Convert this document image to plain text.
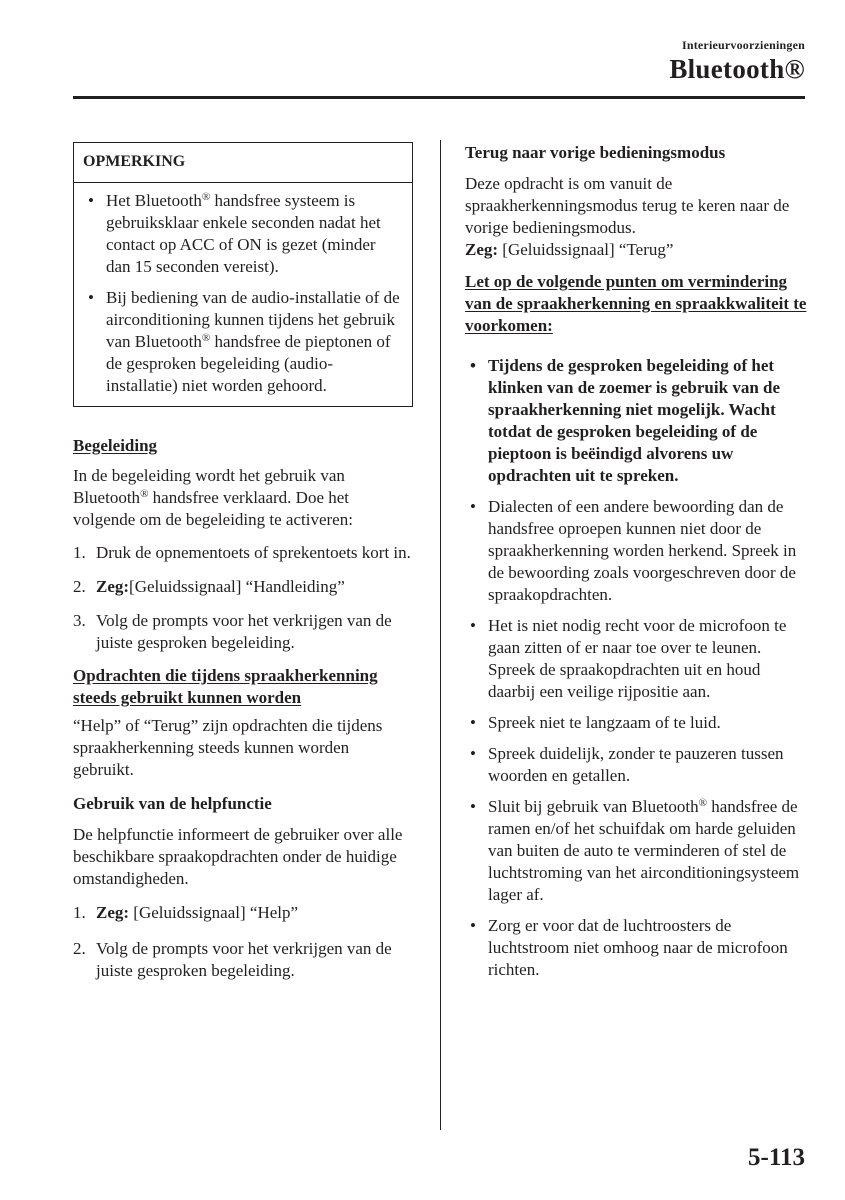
Interieurvoorzieningen
Bluetooth®
OPMERKING

• Het Bluetooth® handsfree systeem is gebruiksklaar enkele seconden nadat het contact op ACC of ON is gezet (minder dan 15 seconden vereist).

• Bij bediening van de audio-installatie of de airconditioning kunnen tijdens het gebruik van Bluetooth® handsfree de pieptonen of de gesproken begeleiding (audio-installatie) niet worden gehoord.

Begeleiding

In de begeleiding wordt het gebruik van Bluetooth® handsfree verklaard. Doe het volgende om de begeleiding te activeren:

1. Druk de opnementoets of sprekentoets kort in.

2. Zeg:[Geluidssignaal] “Handleiding”

3. Volg de prompts voor het verkrijgen van de juiste gesproken begeleiding.

Opdrachten die tijdens spraakherkenning steeds gebruikt kunnen worden

“Help” of “Terug” zijn opdrachten die tijdens spraakherkenning steeds kunnen worden gebruikt.

Gebruik van de helpfunctie

De helpfunctie informeert de gebruiker over alle beschikbare spraakopdrachten onder de huidige omstandigheden.

1. Zeg: [Geluidssignaal] “Help”

2. Volg de prompts voor het verkrijgen van de juiste gesproken begeleiding.

Terug naar vorige bedieningsmodus

Deze opdracht is om vanuit de spraakherkenningsmodus terug te keren naar de vorige bedieningsmodus.

Zeg: [Geluidssignaal] “Terug”

Let op de volgende punten om vermindering van de spraakherkenning en spraakkwaliteit te voorkomen:

• Tijdens de gesproken begeleiding of het klinken van de zoemer is gebruik van de spraakherkenning niet mogelijk. Wacht totdat de gesproken begeleiding of de pieptoon is beëindigd alvorens uw opdrachten uit te spreken.

• Dialecten of een andere bewoording dan de handsfree oproepen kunnen niet door de spraakherkenning worden herkend. Spreek in de bewoording zoals voorgeschreven door de spraakopdrachten.

• Het is niet nodig recht voor de microfoon te gaan zitten of er naar toe over te leunen. Spreek de spraakopdrachten uit en houd daarbij een veilige rijpositie aan.

• Spreek niet te langzaam of te luid.

• Spreek duidelijk, zonder te pauzeren tussen woorden en getallen.

• Sluit bij gebruik van Bluetooth® handsfree de ramen en/of het schuifdak om harde geluiden van buiten de auto te verminderen of stel de luchtstroming van het airconditioningsysteem lager af.

• Zorg er voor dat de luchtroosters de luchtstroom niet omhoog naar de microfoon richten.

5-113
